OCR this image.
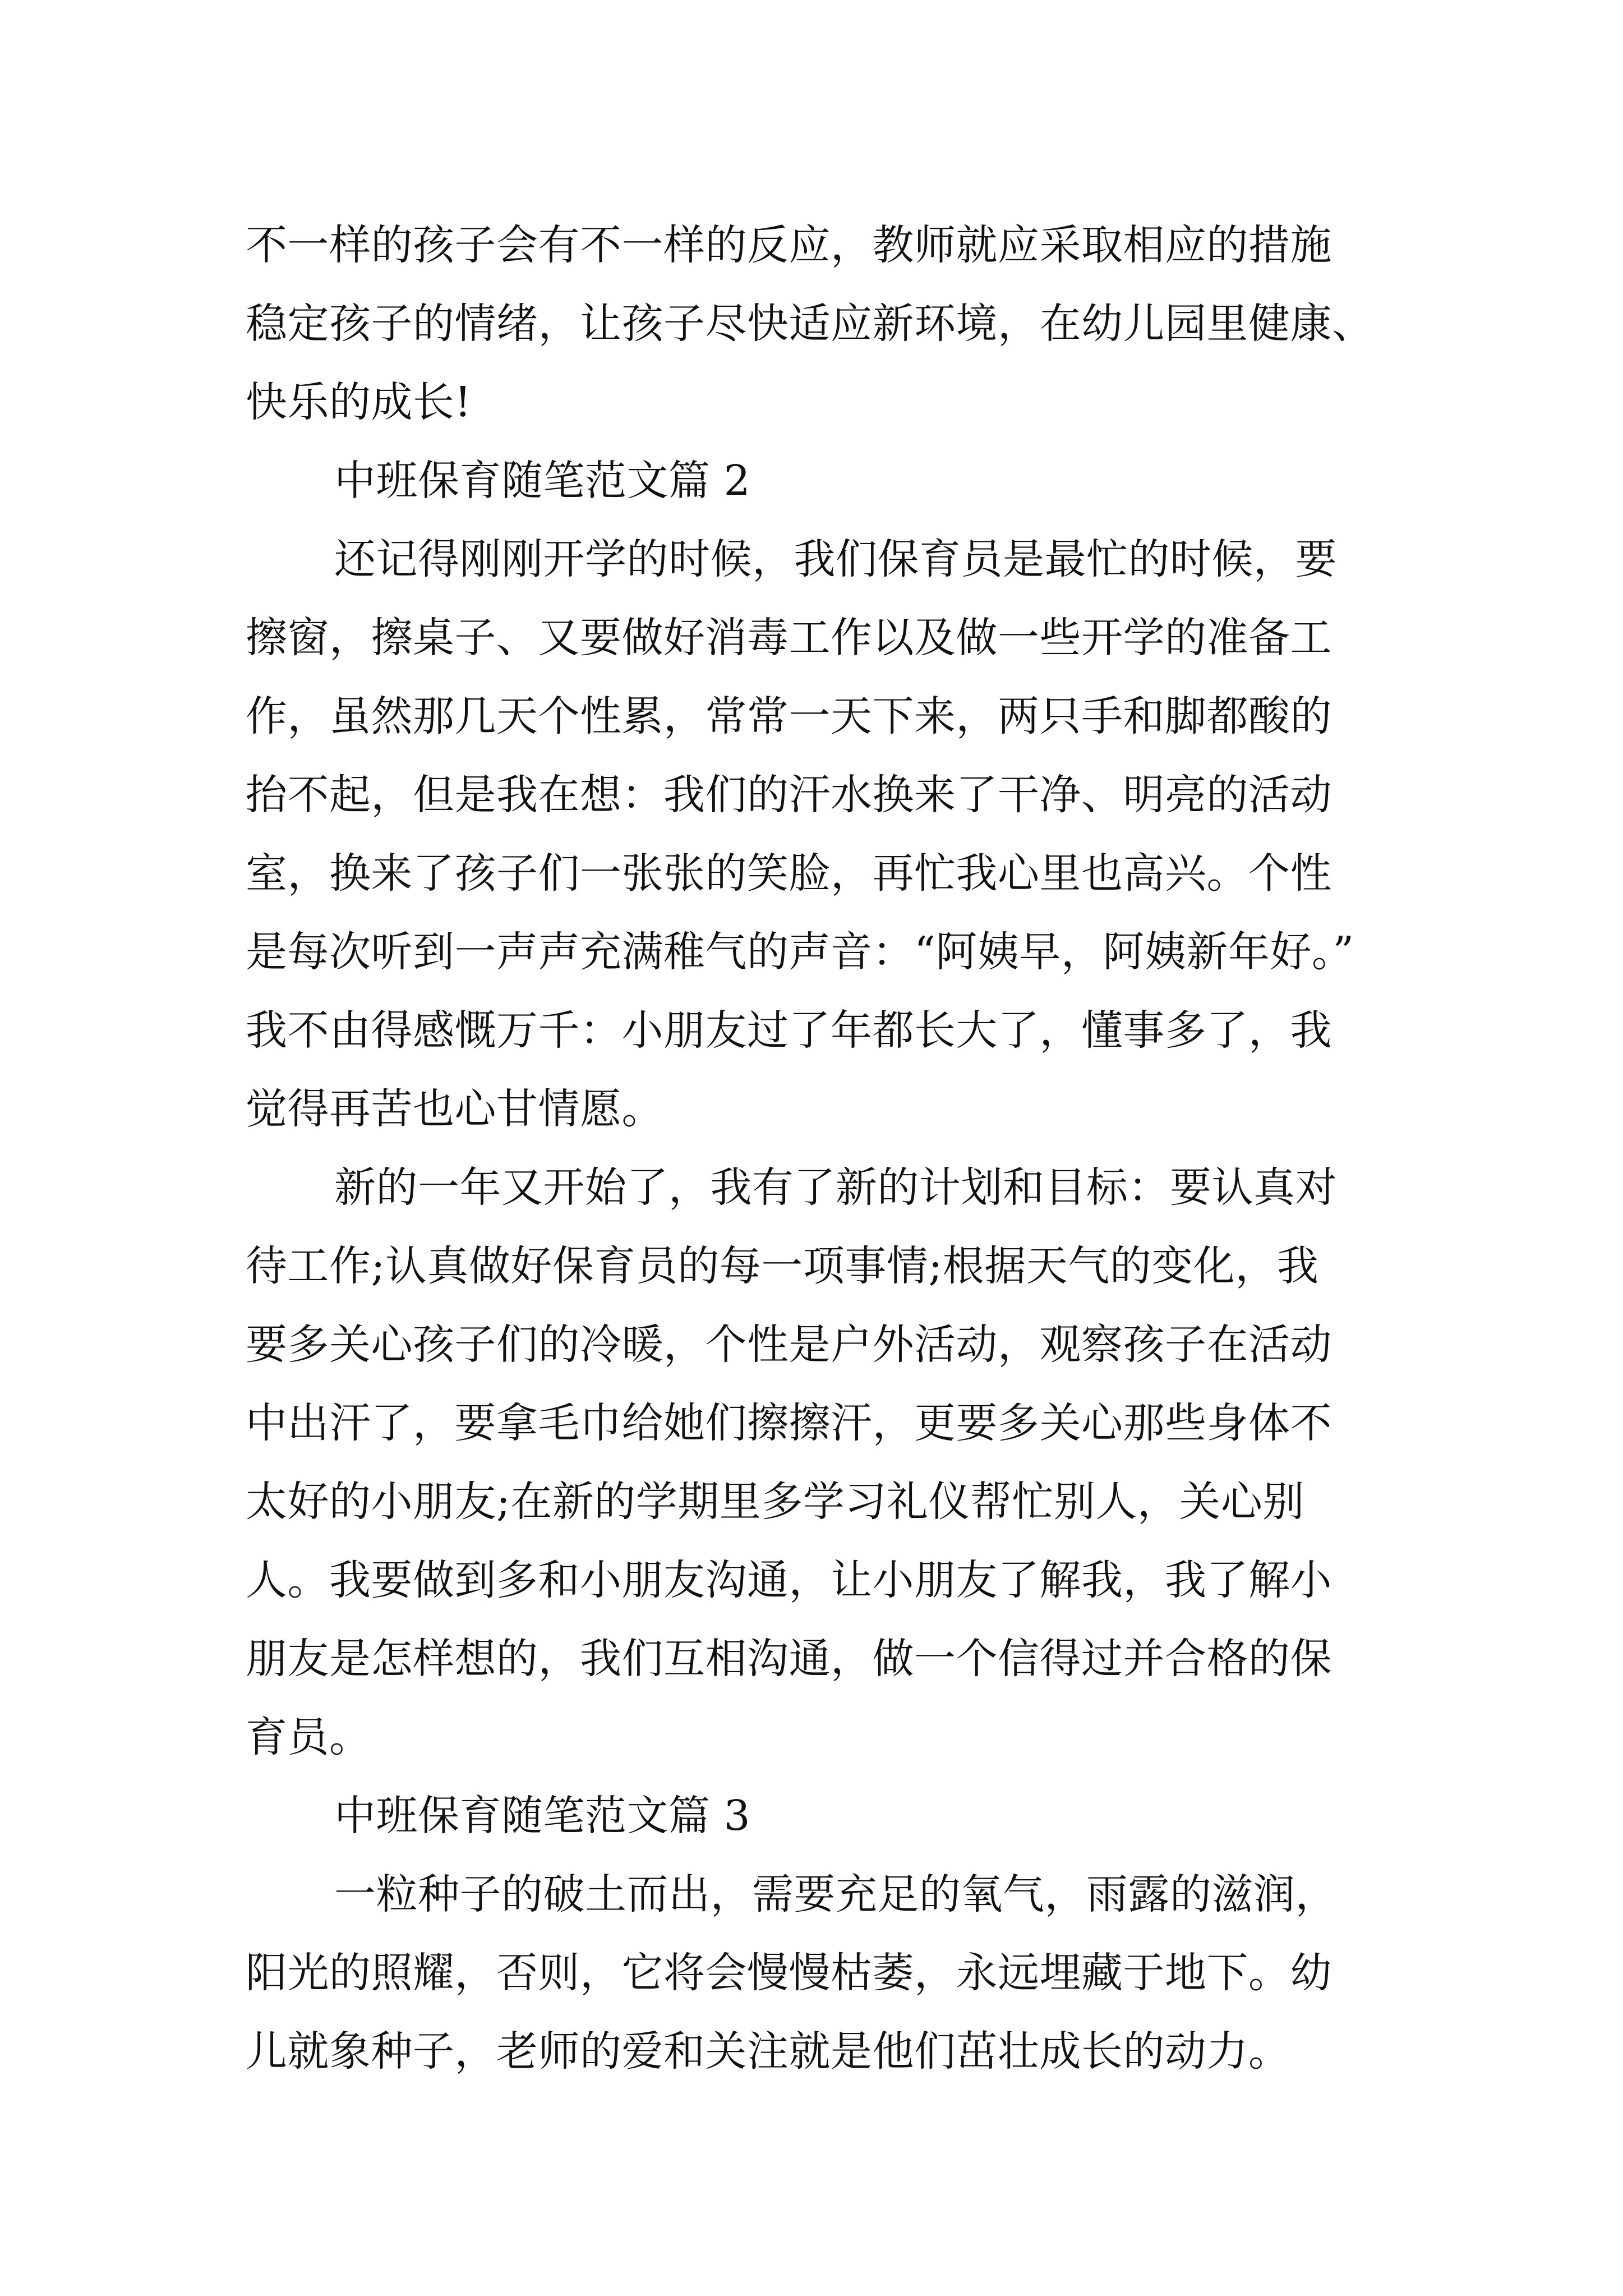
不一样的孩子会有不一样的反应，教师就应采取相应的措施
稳定孩子的情绪，让孩子尽快适应新环境，在幼儿园里健康、
快乐的成长!
中班保育随笔范文篇 2
还记得刚刚开学的时候，我们保育员是最忙的时候，要
擦窗，擦桌子、又要做好消毒工作以及做一些开学的准备工
作，虽然那几天个性累，常常一天下来，两只手和脚都酸的
抬不起，但是我在想：我们的汗水换来了干净、明亮的活动
室，换来了孩子们一张张的笑脸，再忙我心里也高兴。个性
是每次听到一声声充满稚气的声音：“阿姨早，阿姨新年好。”
我不由得感慨万千：小朋友过了年都长大了，懂事多了，我
觉得再苦也心甘情愿。
新的一年又开始了，我有了新的计划和目标：要认真对
待工作;认真做好保育员的每一项事情;根据天气的变化，我
要多关心孩子们的冷暖，个性是户外活动，观察孩子在活动
中出汗了，要拿毛巾给她们擦擦汗，更要多关心那些身体不
太好的小朋友;在新的学期里多学习礼仪帮忙别人，关心别
人。我要做到多和小朋友沟通，让小朋友了解我，我了解小
朋友是怎样想的，我们互相沟通，做一个信得过并合格的保
育员。
中班保育随笔范文篇 3
一粒种子的破土而出，需要充足的氧气，雨露的滋润，
阳光的照耀，否则，它将会慢慢枯萎，永远埋藏于地下。幼
儿就象种子，老师的爱和关注就是他们茁壮成长的动力。
